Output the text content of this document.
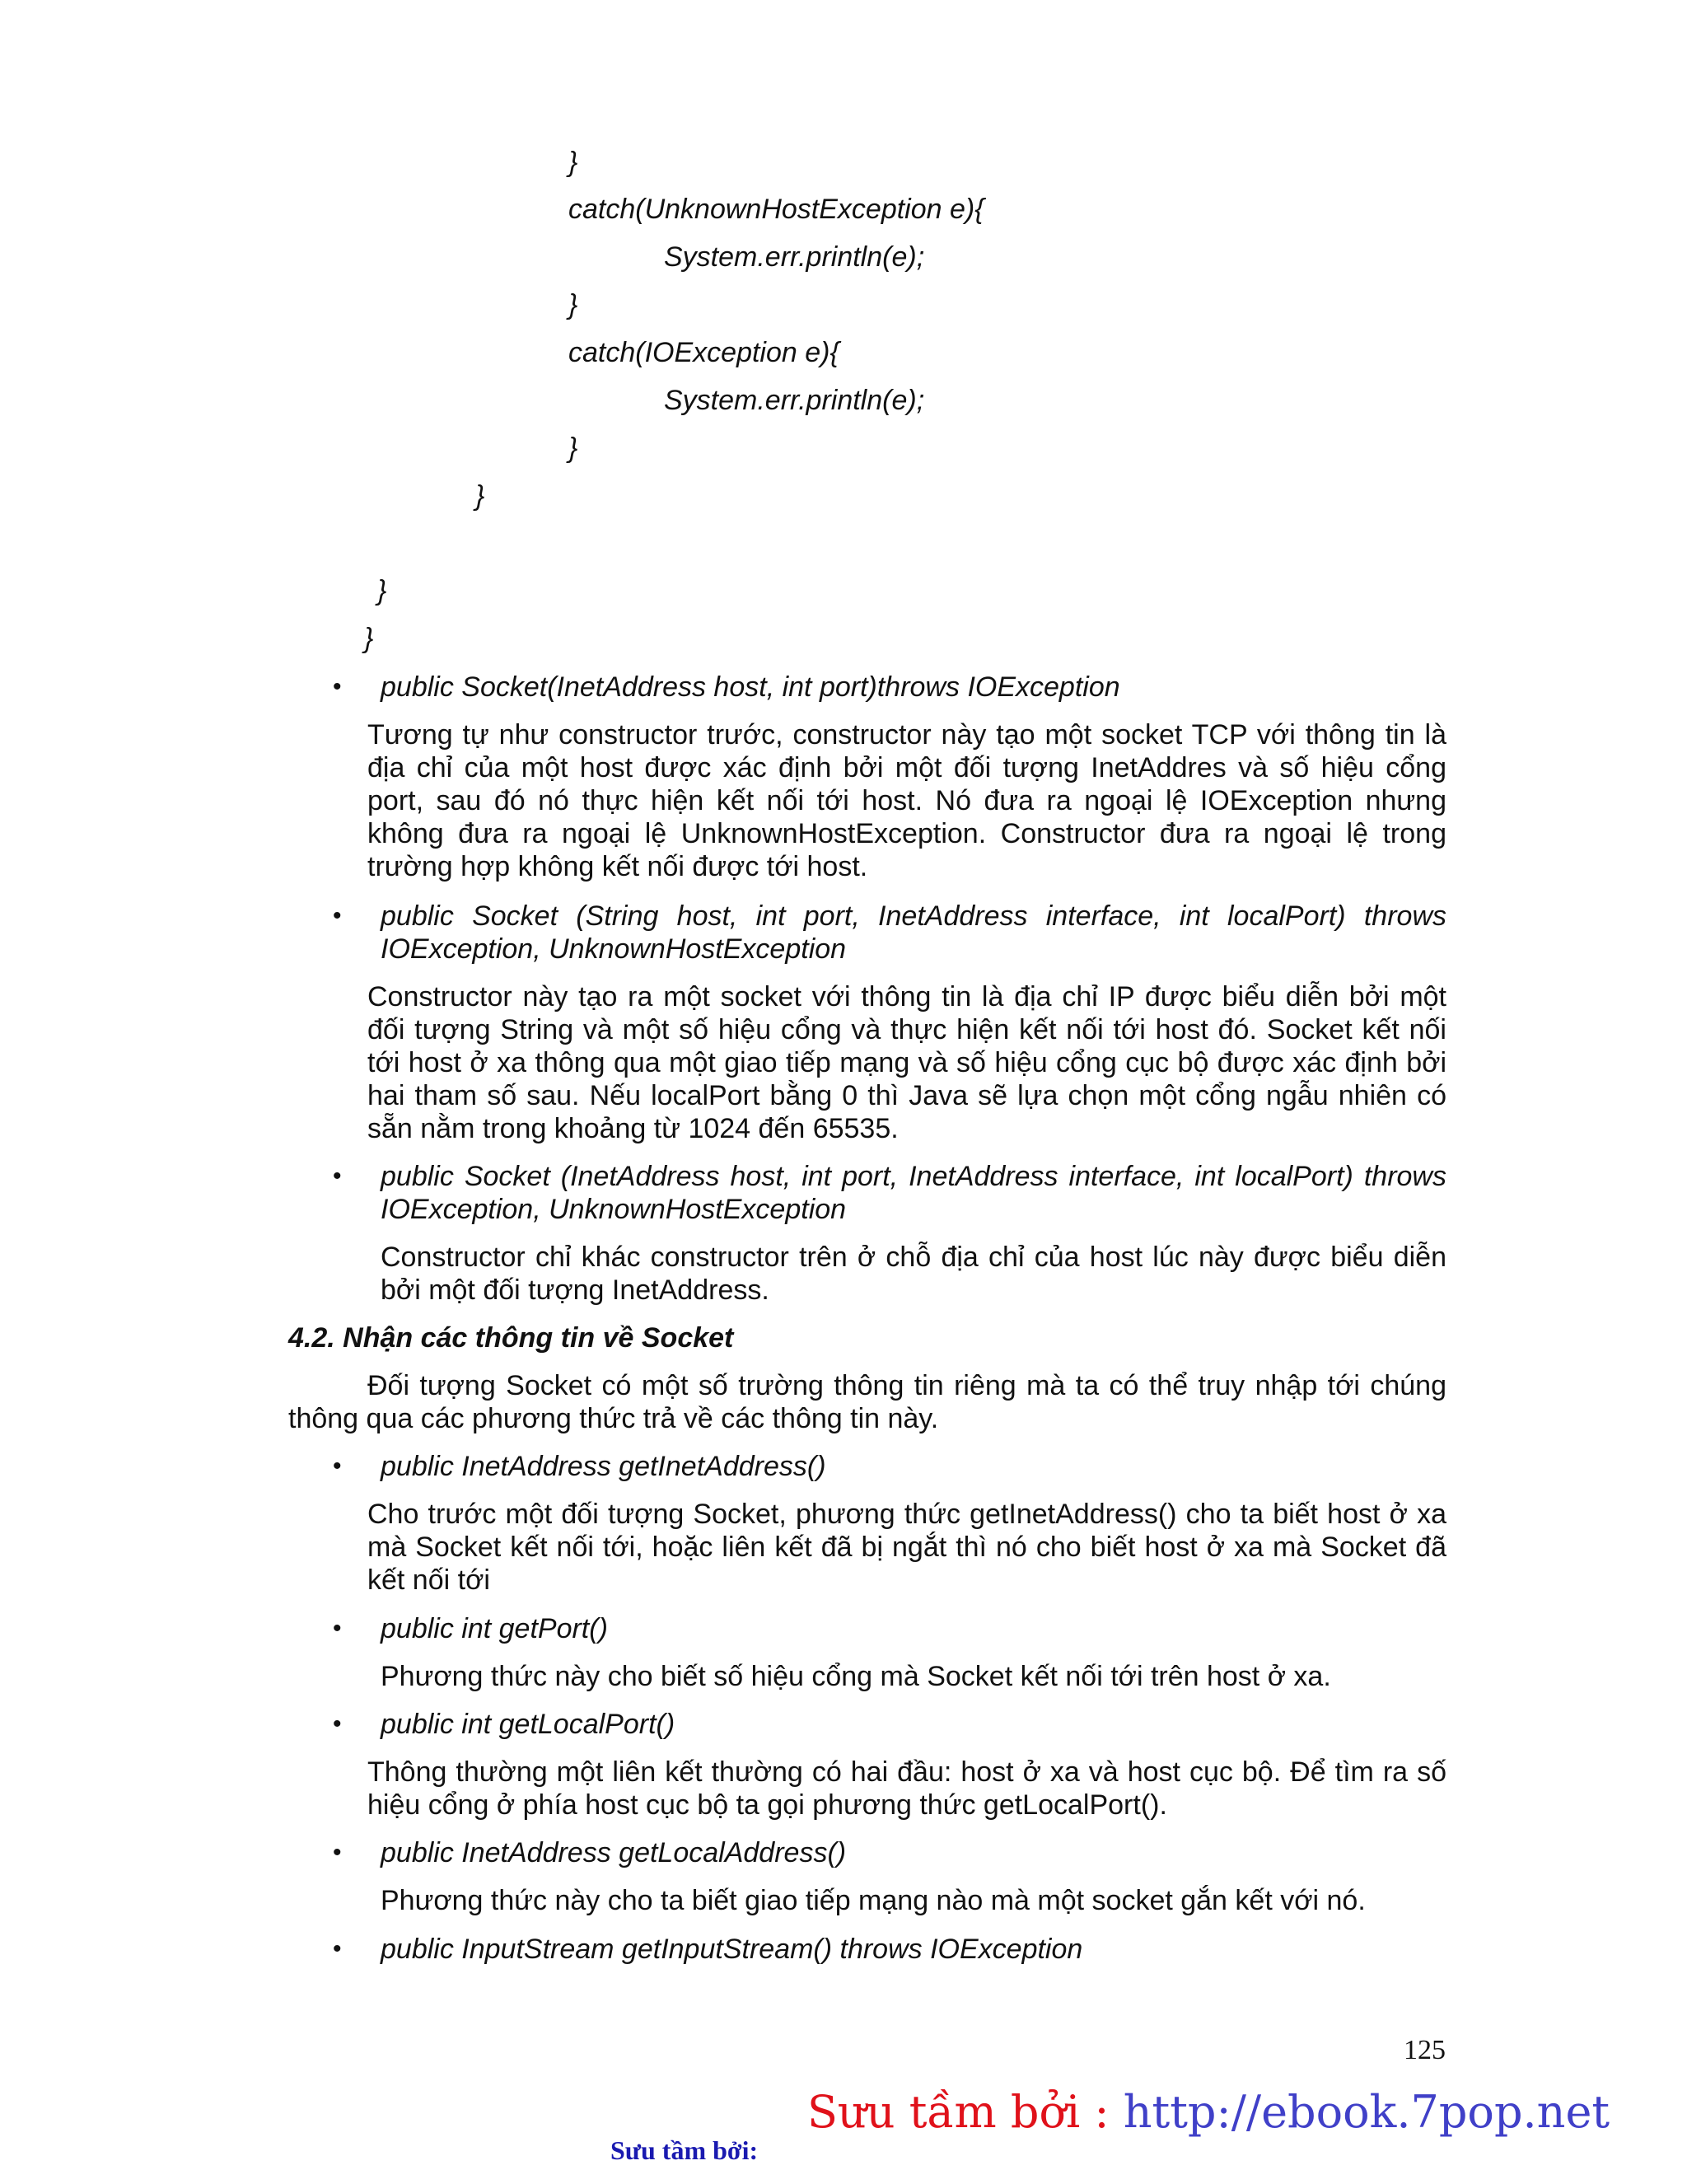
}
catch(UnknownHostException e){
System.err.println(e);
}
catch(IOException e){
System.err.println(e);
}
}
}
}
• public Socket(InetAddress host, int port)throws IOException
Tương tự như constructor trước, constructor này tạo một socket TCP với thông tin là
địa chỉ của một host được xác định bởi một đối tượng InetAddres và số hiệu cổng
port, sau đó nó thực hiện kết nối tới host. Nó đưa ra ngoại lệ IOException nhưng
không đưa ra ngoại lệ UnknownHostException. Constructor đưa ra ngoại lệ trong
trường hợp không kết nối được tới host.
• public Socket (String host, int port, InetAddress interface, int localPort) throws
IOException, UnknownHostException
Constructor này tạo ra một socket với thông tin là địa chỉ IP được biểu diễn bởi một
đối tượng String và một số hiệu cổng và thực hiện kết nối tới host đó. Socket kết nối
tới host ở xa thông qua một giao tiếp mạng và số hiệu cổng cục bộ được xác định bởi
hai tham số sau. Nếu localPort bằng 0 thì Java sẽ lựa chọn một cổng ngẫu nhiên có
sẵn nằm trong khoảng từ 1024 đến 65535.
• public Socket (InetAddress host, int port, InetAddress interface, int localPort) throws
IOException, UnknownHostException
Constructor chỉ khác constructor trên ở chỗ địa chỉ của host lúc này được biểu diễn
bởi một đối tượng InetAddress.
4.2. Nhận các thông tin về Socket
Đối tượng Socket có một số trường thông tin riêng mà ta có thể truy nhập tới chúng
thông qua các phương thức trả về các thông tin này.
• public InetAddress getInetAddress()
Cho trước một đối tượng Socket, phương thức getInetAddress() cho ta biết host ở xa
mà Socket kết nối tới, hoặc liên kết đã bị ngắt thì nó cho biết host ở xa mà Socket đã
kết nối tới
• public int getPort()
Phương thức này cho biết số hiệu cổng mà Socket kết nối tới trên host ở xa.
• public int getLocalPort()
Thông thường một liên kết thường có hai đầu: host ở xa và host cục bộ. Để tìm ra số
hiệu cổng ở phía host cục bộ ta gọi phương thức getLocalPort().
• public InetAddress getLocalAddress()
Phương thức này cho ta biết giao tiếp mạng nào mà một socket gắn kết với nó.
• public InputStream getInputStream() throws IOException
125
Sưu tầm bởi : http://ebook.7pop.net
Sưu tầm bởi:
